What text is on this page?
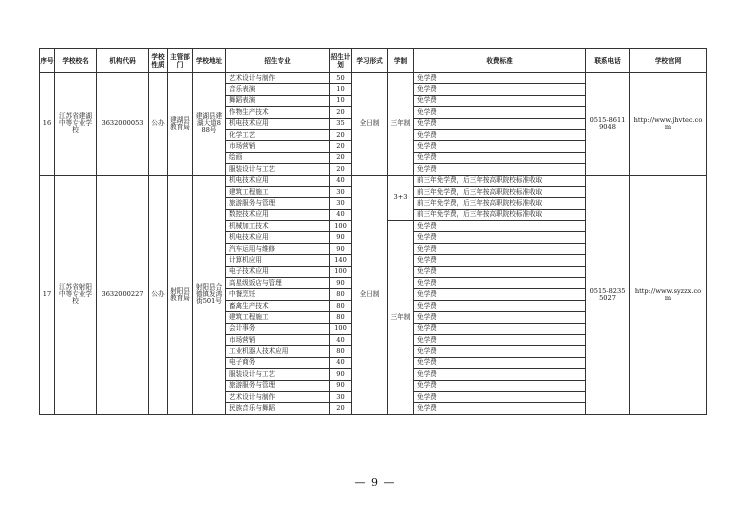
序号	学校校名	机构代码	学校性质	主管部门	学校地址	招生专业	招生计划	学习形式	学制	收费标准	联系电话	学校官网
16	江苏省建湖中等专业学校	3632000053	公办	建湖县教育局	建湖县建湖大道888号	艺术设计与制作	50	全日制	三年制	免学费	0515-86119048	http://www.jhvtec.com
						音乐表演	10			免学费		
						舞蹈表演	10			免学费		
						作物生产技术	20			免学费		
						机电技术应用	35			免学费		
						化学工艺	20			免学费		
						市场营销	20			免学费		
						绘画	20			免学费		
						服装设计与工艺	20			免学费		
17	江苏省射阳中等专业学校	3632000227	公办	射阳县教育局	射阳县合德镇发鸿街501号	机电技术应用	40	全日制	3+3	前三年免学费，后三年按高职院校标准收取	0515-82355027	http://www.syzzx.com
						建筑工程施工	30			前三年免学费，后三年按高职院校标准收取		
						旅游服务与管理	30			前三年免学费，后三年按高职院校标准收取		
						数控技术应用	40			前三年免学费，后三年按高职院校标准收取		
						机械加工技术	100		三年制	免学费		
						机电技术应用	90			免学费		
						汽车运用与维修	90			免学费		
						计算机应用	140			免学费		
						电子技术应用	100			免学费		
						高星级饭店与管理	90			免学费		
						中餐烹饪	80			免学费		
						畜禽生产技术	80			免学费		
						建筑工程施工	80			免学费		
						会计事务	100			免学费		
						市场营销	40			免学费		
						工业机器人技术应用	80			免学费		
						电子商务	40			免学费		
						服装设计与工艺	90			免学费		
						旅游服务与管理	90			免学费		
						艺术设计与制作	30			免学费		
						民族音乐与舞蹈	20			免学费		
— 9 —
